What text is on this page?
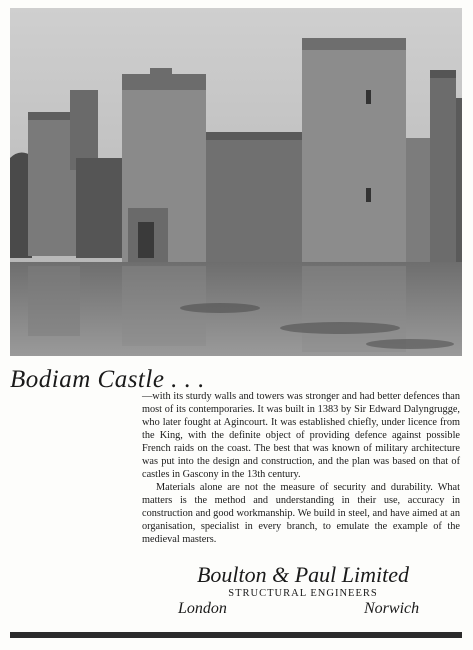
Bodiam Castle . . .

—with its sturdy walls and towers was stronger and had better defences than most of its contemporaries. It was built in 1383 by Sir Edward Dalyngrugge, who later fought at Agincourt. It was established chiefly, under licence from the King, with the definite object of providing defence against possible French raids on the coast. The best that was known of military architecture was put into the design and construction, and the plan was based on that of castles in Gascony in the 13th century.

Materials alone are not the measure of security and durability. What matters is the method and understanding in their use, accuracy in construction and good workmanship. We build in steel, and have aimed at an organisation, specialist in every branch, to emulate the example of the medieval masters.

Boulton & Paul Limited
STRUCTURAL ENGINEERS
London	Norwich
